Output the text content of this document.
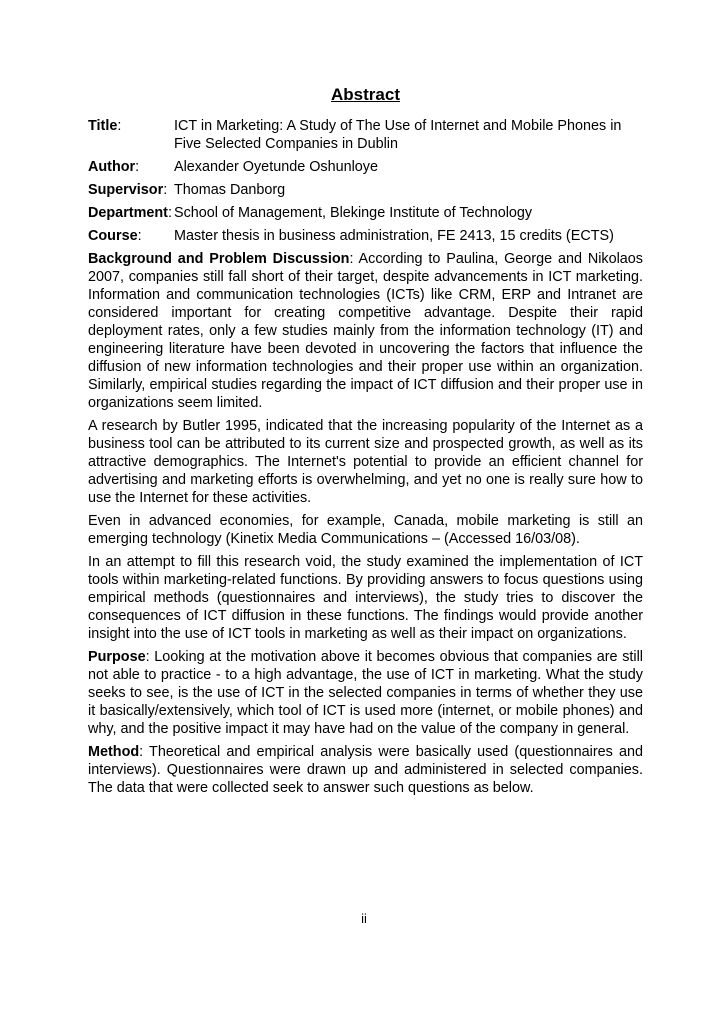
Abstract
Title:	ICT in Marketing: A Study of The Use of Internet and Mobile Phones in Five Selected Companies in Dublin
Author:	Alexander Oyetunde Oshunloye
Supervisor: Thomas Danborg
Department: School of Management, Blekinge Institute of Technology
Course:	Master thesis in business administration, FE 2413, 15 credits (ECTS)

Background and Problem Discussion: According to Paulina, George and Nikolaos 2007, companies still fall short of their target, despite advancements in ICT marketing. Information and communication technologies (ICTs) like CRM, ERP and Intranet are considered important for creating competitive advantage. Despite their rapid deployment rates, only a few studies mainly from the information technology (IT) and engineering literature have been devoted in uncovering the factors that influence the diffusion of new information technologies and their proper use within an organization. Similarly, empirical studies regarding the impact of ICT diffusion and their proper use in organizations seem limited.

A research by Butler 1995, indicated that the increasing popularity of the Internet as a business tool can be attributed to its current size and prospected growth, as well as its attractive demographics. The Internet's potential to provide an efficient channel for advertising and marketing efforts is overwhelming, and yet no one is really sure how to use the Internet for these activities.

Even in advanced economies, for example, Canada, mobile marketing is still an emerging technology (Kinetix Media Communications – (Accessed 16/03/08).

In an attempt to fill this research void, the study examined the implementation of ICT tools within marketing-related functions. By providing answers to focus questions using empirical methods (questionnaires and interviews), the study tries to discover the consequences of ICT diffusion in these functions. The findings would provide another insight into the use of ICT tools in marketing as well as their impact on organizations.

Purpose: Looking at the motivation above it becomes obvious that companies are still not able to practice - to a high advantage, the use of ICT in marketing. What the study seeks to see, is the use of ICT in the selected companies in terms of whether they use it basically/extensively, which tool of ICT is used more (internet, or mobile phones) and why, and the positive impact it may have had on the value of the company in general.

Method: Theoretical and empirical analysis were basically used (questionnaires and interviews). Questionnaires were drawn up and administered in selected companies. The data that were collected seek to answer such questions as below.

ii
